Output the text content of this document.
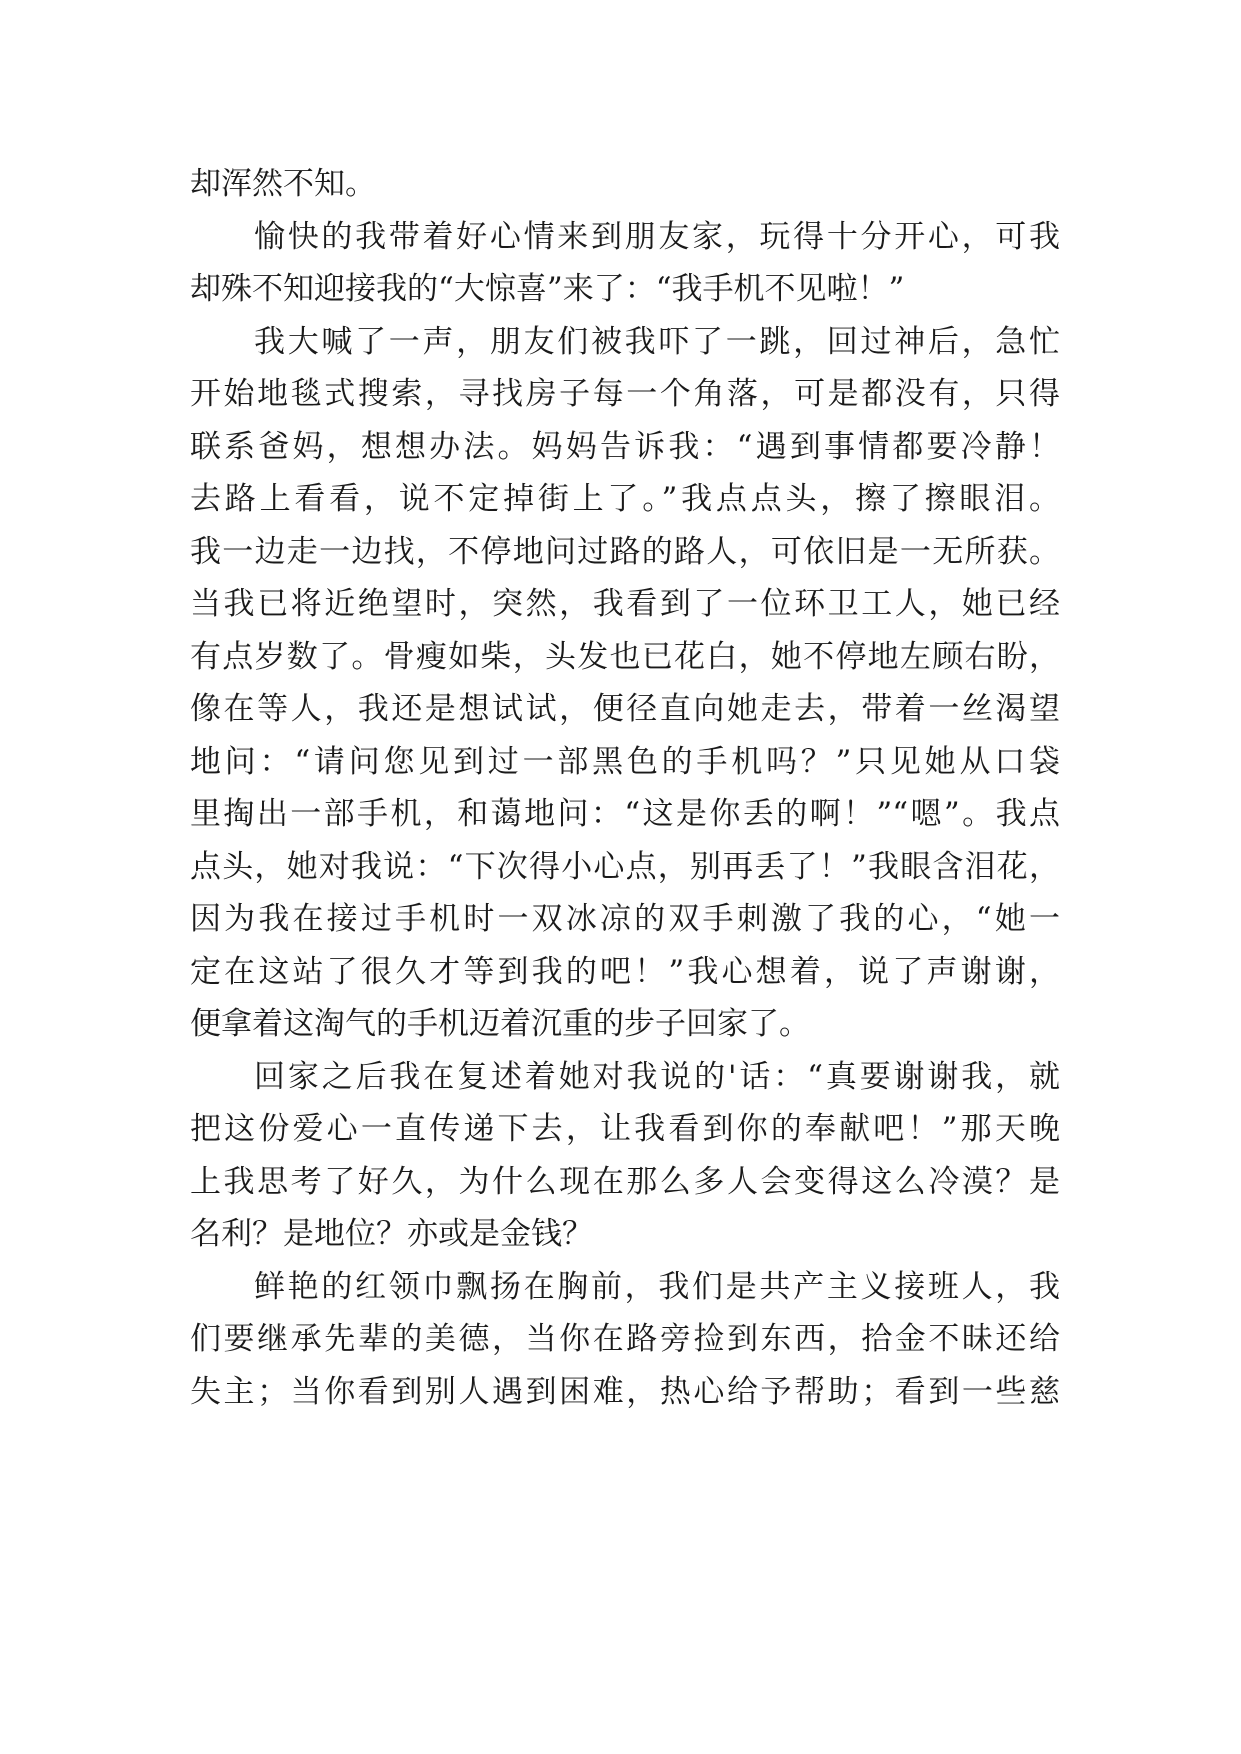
却浑然不知。
愉快的我带着好心情来到朋友家，玩得十分开心，可我
却殊不知迎接我的“大惊喜”来了：“我手机不见啦！”
我大喊了一声，朋友们被我吓了一跳，回过神后，急忙
开始地毯式搜索，寻找房子每一个角落，可是都没有，只得
联系爸妈，想想办法。妈妈告诉我：“遇到事情都要冷静！
去路上看看，说不定掉街上了。”我点点头，擦了擦眼泪。
我一边走一边找，不停地问过路的路人，可依旧是一无所获。
当我已将近绝望时，突然，我看到了一位环卫工人，她已经
有点岁数了。骨瘦如柴，头发也已花白，她不停地左顾右盼，
像在等人，我还是想试试，便径直向她走去，带着一丝渴望
地问：“请问您见到过一部黑色的手机吗？”只见她从口袋
里掏出一部手机，和蔼地问：“这是你丢的啊！”“嗯”。我点
点头，她对我说：“下次得小心点，别再丢了！”我眼含泪花，
因为我在接过手机时一双冰凉的双手刺激了我的心，“她一
定在这站了很久才等到我的吧！”我心想着，说了声谢谢，
便拿着这淘气的手机迈着沉重的步子回家了。
回家之后我在复述着她对我说的'话：“真要谢谢我，就
把这份爱心一直传递下去，让我看到你的奉献吧！”那天晚
上我思考了好久，为什么现在那么多人会变得这么冷漠？是
名利？是地位？亦或是金钱？
鲜艳的红领巾飘扬在胸前，我们是共产主义接班人，我
们要继承先辈的美德，当你在路旁捡到东西，拾金不昧还给
失主；当你看到别人遇到困难，热心给予帮助；看到一些慈
